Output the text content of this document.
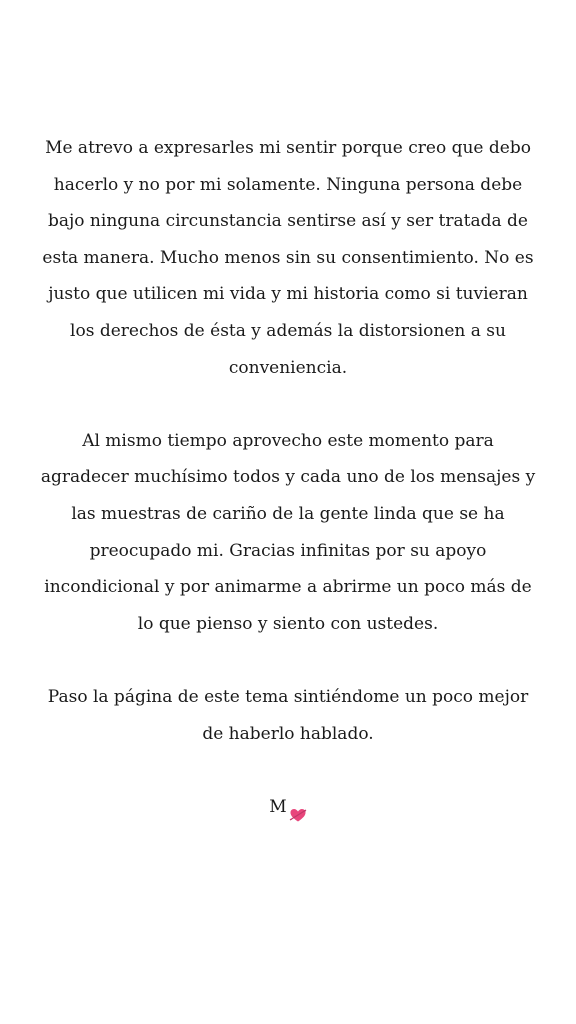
Me atrevo a expresarles mi sentir porque creo que debo hacerlo y no por mi solamente. Ninguna persona debe bajo ninguna circunstancia sentirse así y ser tratada de esta manera. Mucho menos sin su consentimiento. No es justo que utilicen mi vida y mi historia como si tuvieran los derechos de ésta y además la distorsionen a su conveniencia.

Al mismo tiempo aprovecho este momento para agradecer muchísimo todos y cada uno de los mensajes y las muestras de cariño de la gente linda que se ha preocupado mi. Gracias infinitas por su apoyo incondicional y por animarme a abrirme un poco más de lo que pienso y siento con ustedes.

Paso la página de este tema sintiéndome un poco mejor de haberlo hablado.

M
